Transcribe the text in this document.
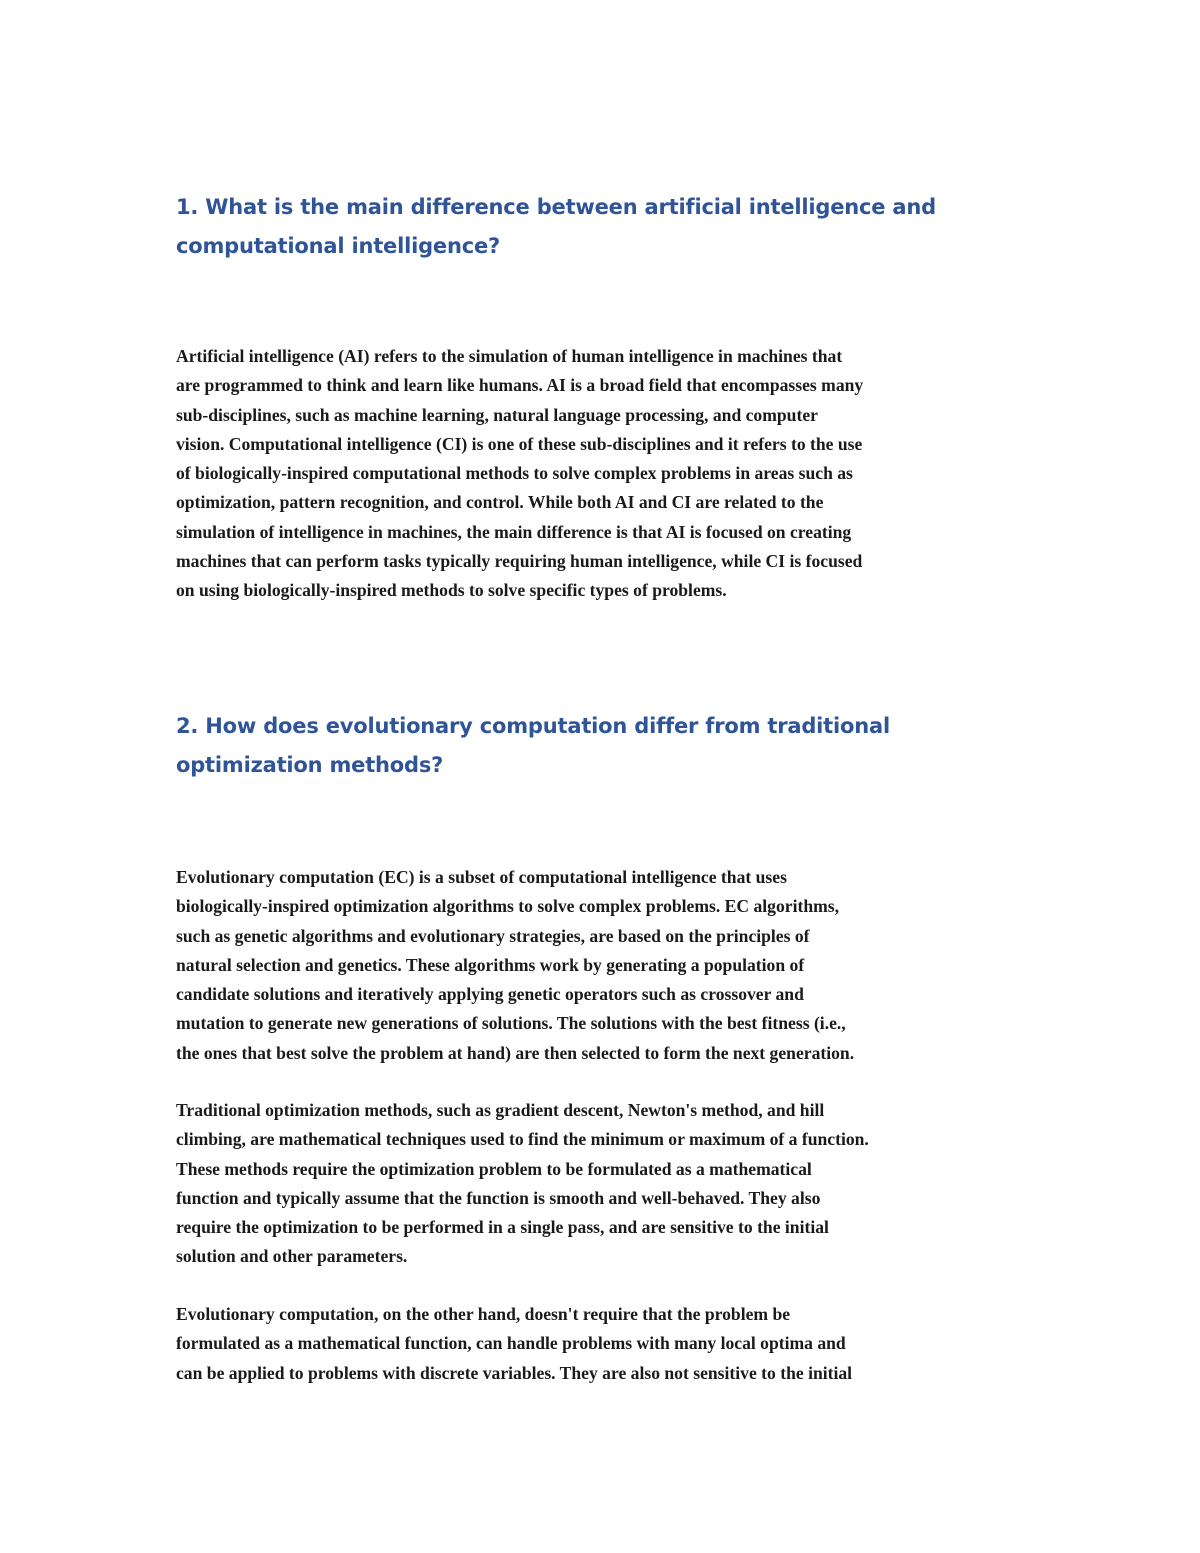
1. What is the main difference between artificial intelligence and
computational intelligence?

Artificial intelligence (AI) refers to the simulation of human intelligence in machines that
are programmed to think and learn like humans. AI is a broad field that encompasses many
sub-disciplines, such as machine learning, natural language processing, and computer
vision. Computational intelligence (CI) is one of these sub-disciplines and it refers to the use
of biologically-inspired computational methods to solve complex problems in areas such as
optimization, pattern recognition, and control. While both AI and CI are related to the
simulation of intelligence in machines, the main difference is that AI is focused on creating
machines that can perform tasks typically requiring human intelligence, while CI is focused
on using biologically-inspired methods to solve specific types of problems.

2. How does evolutionary computation differ from traditional
optimization methods?

Evolutionary computation (EC) is a subset of computational intelligence that uses
biologically-inspired optimization algorithms to solve complex problems. EC algorithms,
such as genetic algorithms and evolutionary strategies, are based on the principles of
natural selection and genetics. These algorithms work by generating a population of
candidate solutions and iteratively applying genetic operators such as crossover and
mutation to generate new generations of solutions. The solutions with the best fitness (i.e.,
the ones that best solve the problem at hand) are then selected to form the next generation.

Traditional optimization methods, such as gradient descent, Newton's method, and hill
climbing, are mathematical techniques used to find the minimum or maximum of a function.
These methods require the optimization problem to be formulated as a mathematical
function and typically assume that the function is smooth and well-behaved. They also
require the optimization to be performed in a single pass, and are sensitive to the initial
solution and other parameters.

Evolutionary computation, on the other hand, doesn't require that the problem be
formulated as a mathematical function, can handle problems with many local optima and
can be applied to problems with discrete variables. They are also not sensitive to the initial
